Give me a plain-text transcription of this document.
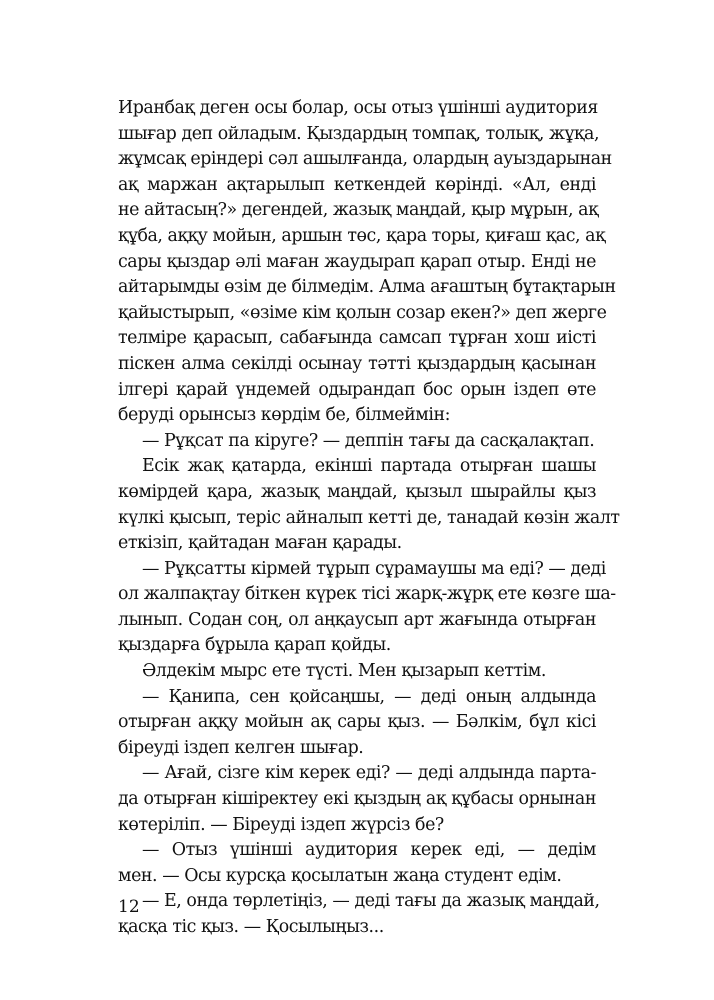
Иранбақ деген осы болар, осы отыз үшінші аудитория
шығар деп ойладым. Қыздардың томпақ, толық, жұқа,
жұмсақ еріндері сәл ашылғанда, олардың ауыздарынан
ақ маржан ақтарылып кеткендей көрінді. «Ал, енді
не айтасың?» дегендей, жазық маңдай, қыр мұрын, ақ
құба, аққу мойын, аршын төс, қара торы, қиғаш қас, ақ
сары қыздар әлі маған жаудырап қарап отыр. Енді не
айтарымды өзім де білмедім. Алма ағаштың бұтақтарын
қайыстырып, «өзіме кім қолын созар екен?» деп жерге
телміре қарасып, сабағында самсап тұрған хош иісті
піскен алма секілді осынау тәтті қыздардың қасынан
ілгері қарай үндемей одырандап бос орын іздеп өте
беруді орынсыз көрдім бе, білмеймін:
— Рұқсат па кіруге? — деппін тағы да сасқалақтап.
Есік жақ қатарда, екінші партада отырған шашы
көмірдей қара, жазық маңдай, қызыл шырайлы қыз
күлкі қысып, теріс айналып кетті де, танадай көзін жалт
еткізіп, қайтадан маған қарады.
— Рұқсатты кірмей тұрып сұрамаушы ма еді? — деді
ол жалпақтау біткен күрек тісі жарқ-жұрқ ете көзге ша-
лынып. Содан соң, ол аңқаусып арт жағында отырған
қыздарға бұрыла қарап қойды.
Әлдекім мырс ете түсті. Мен қызарып кеттім.
— Қанипа, сен қойсаңшы, — деді оның алдында
отырған аққу мойын ақ сары қыз. — Бәлкім, бұл кісі
біреуді іздеп келген шығар.
— Ағай, сізге кім керек еді? — деді алдында парта-
да отырған кішіректеу екі қыздың ақ құбасы орнынан
көтеріліп. — Біреуді іздеп жүрсіз бе?
— Отыз үшінші аудитория керек еді, — дедім
мен. — Осы курсқа қосылатын жаңа студент едім.
— Е, онда төрлетіңіз, — деді тағы да жазық маңдай,
қасқа тіс қыз. — Қосылыңыз...
12
